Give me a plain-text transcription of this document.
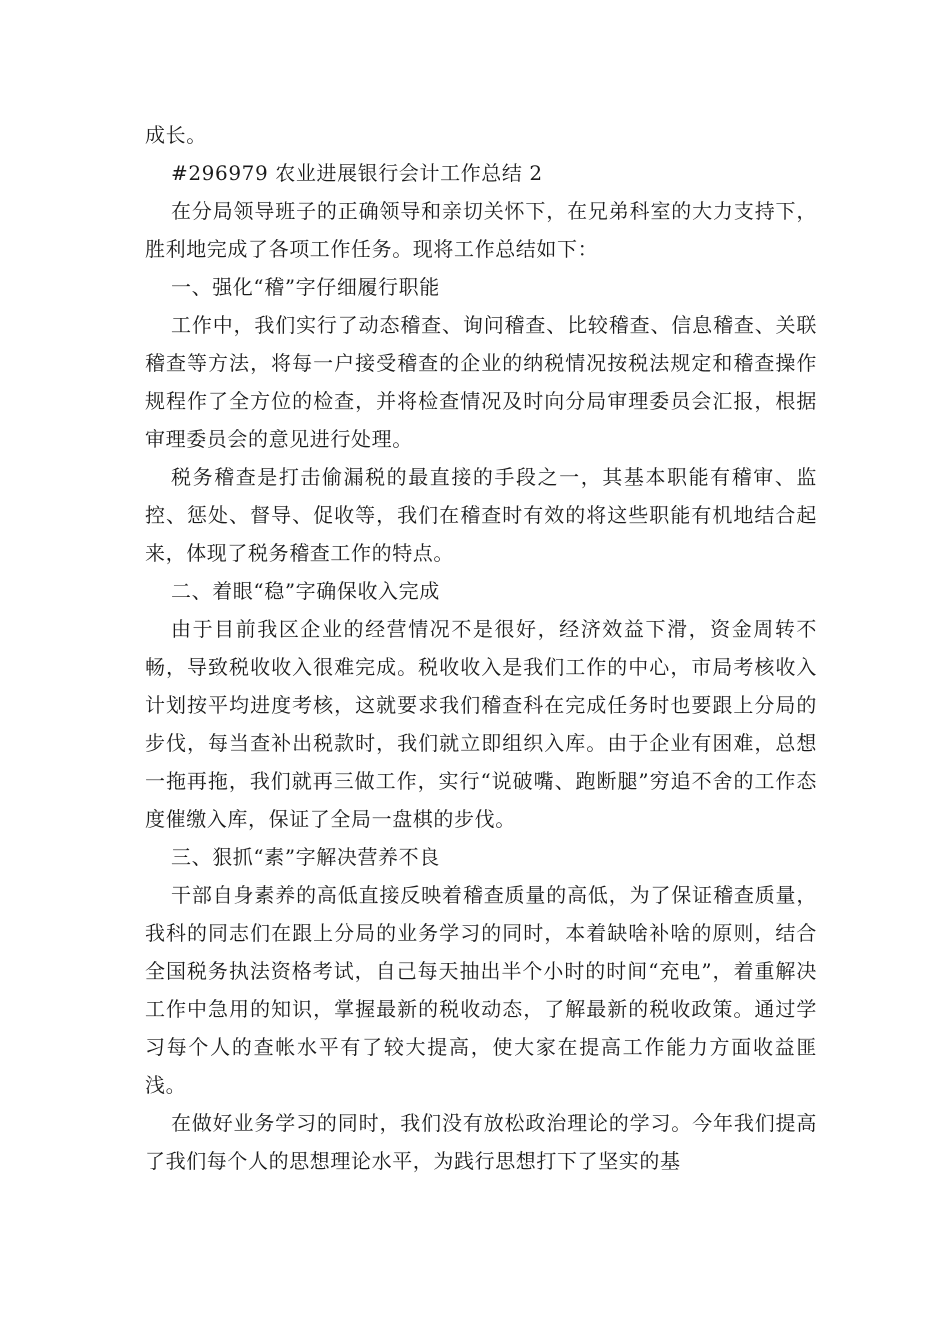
成长。

#296979 农业进展银行会计工作总结 2

在分局领导班子的正确领导和亲切关怀下，在兄弟科室的大力支持下，胜利地完成了各项工作任务。现将工作总结如下：

一、强化“稽”字仔细履行职能

工作中，我们实行了动态稽查、询问稽查、比较稽查、信息稽查、关联稽查等方法，将每一户接受稽查的企业的纳税情况按税法规定和稽查操作规程作了全方位的检查，并将检查情况及时向分局审理委员会汇报，根据审理委员会的意见进行处理。

税务稽查是打击偷漏税的最直接的手段之一，其基本职能有稽审、监控、惩处、督导、促收等，我们在稽查时有效的将这些职能有机地结合起来，体现了税务稽查工作的特点。

二、着眼“稳”字确保收入完成

由于目前我区企业的经营情况不是很好，经济效益下滑，资金周转不畅，导致税收收入很难完成。税收收入是我们工作的中心，市局考核收入计划按平均进度考核，这就要求我们稽查科在完成任务时也要跟上分局的步伐，每当查补出税款时，我们就立即组织入库。由于企业有困难，总想一拖再拖，我们就再三做工作，实行“说破嘴、跑断腿”穷追不舍的工作态度催缴入库，保证了全局一盘棋的步伐。

三、狠抓“素”字解决营养不良

干部自身素养的高低直接反映着稽查质量的高低，为了保证稽查质量，我科的同志们在跟上分局的业务学习的同时，本着缺啥补啥的原则，结合全国税务执法资格考试，自己每天抽出半个小时的时间“充电”，着重解决工作中急用的知识，掌握最新的税收动态，了解最新的税收政策。通过学习每个人的查帐水平有了较大提高，使大家在提高工作能力方面收益匪浅。

在做好业务学习的同时，我们没有放松政治理论的学习。今年我们提高了我们每个人的思想理论水平，为践行思想打下了坚实的基
